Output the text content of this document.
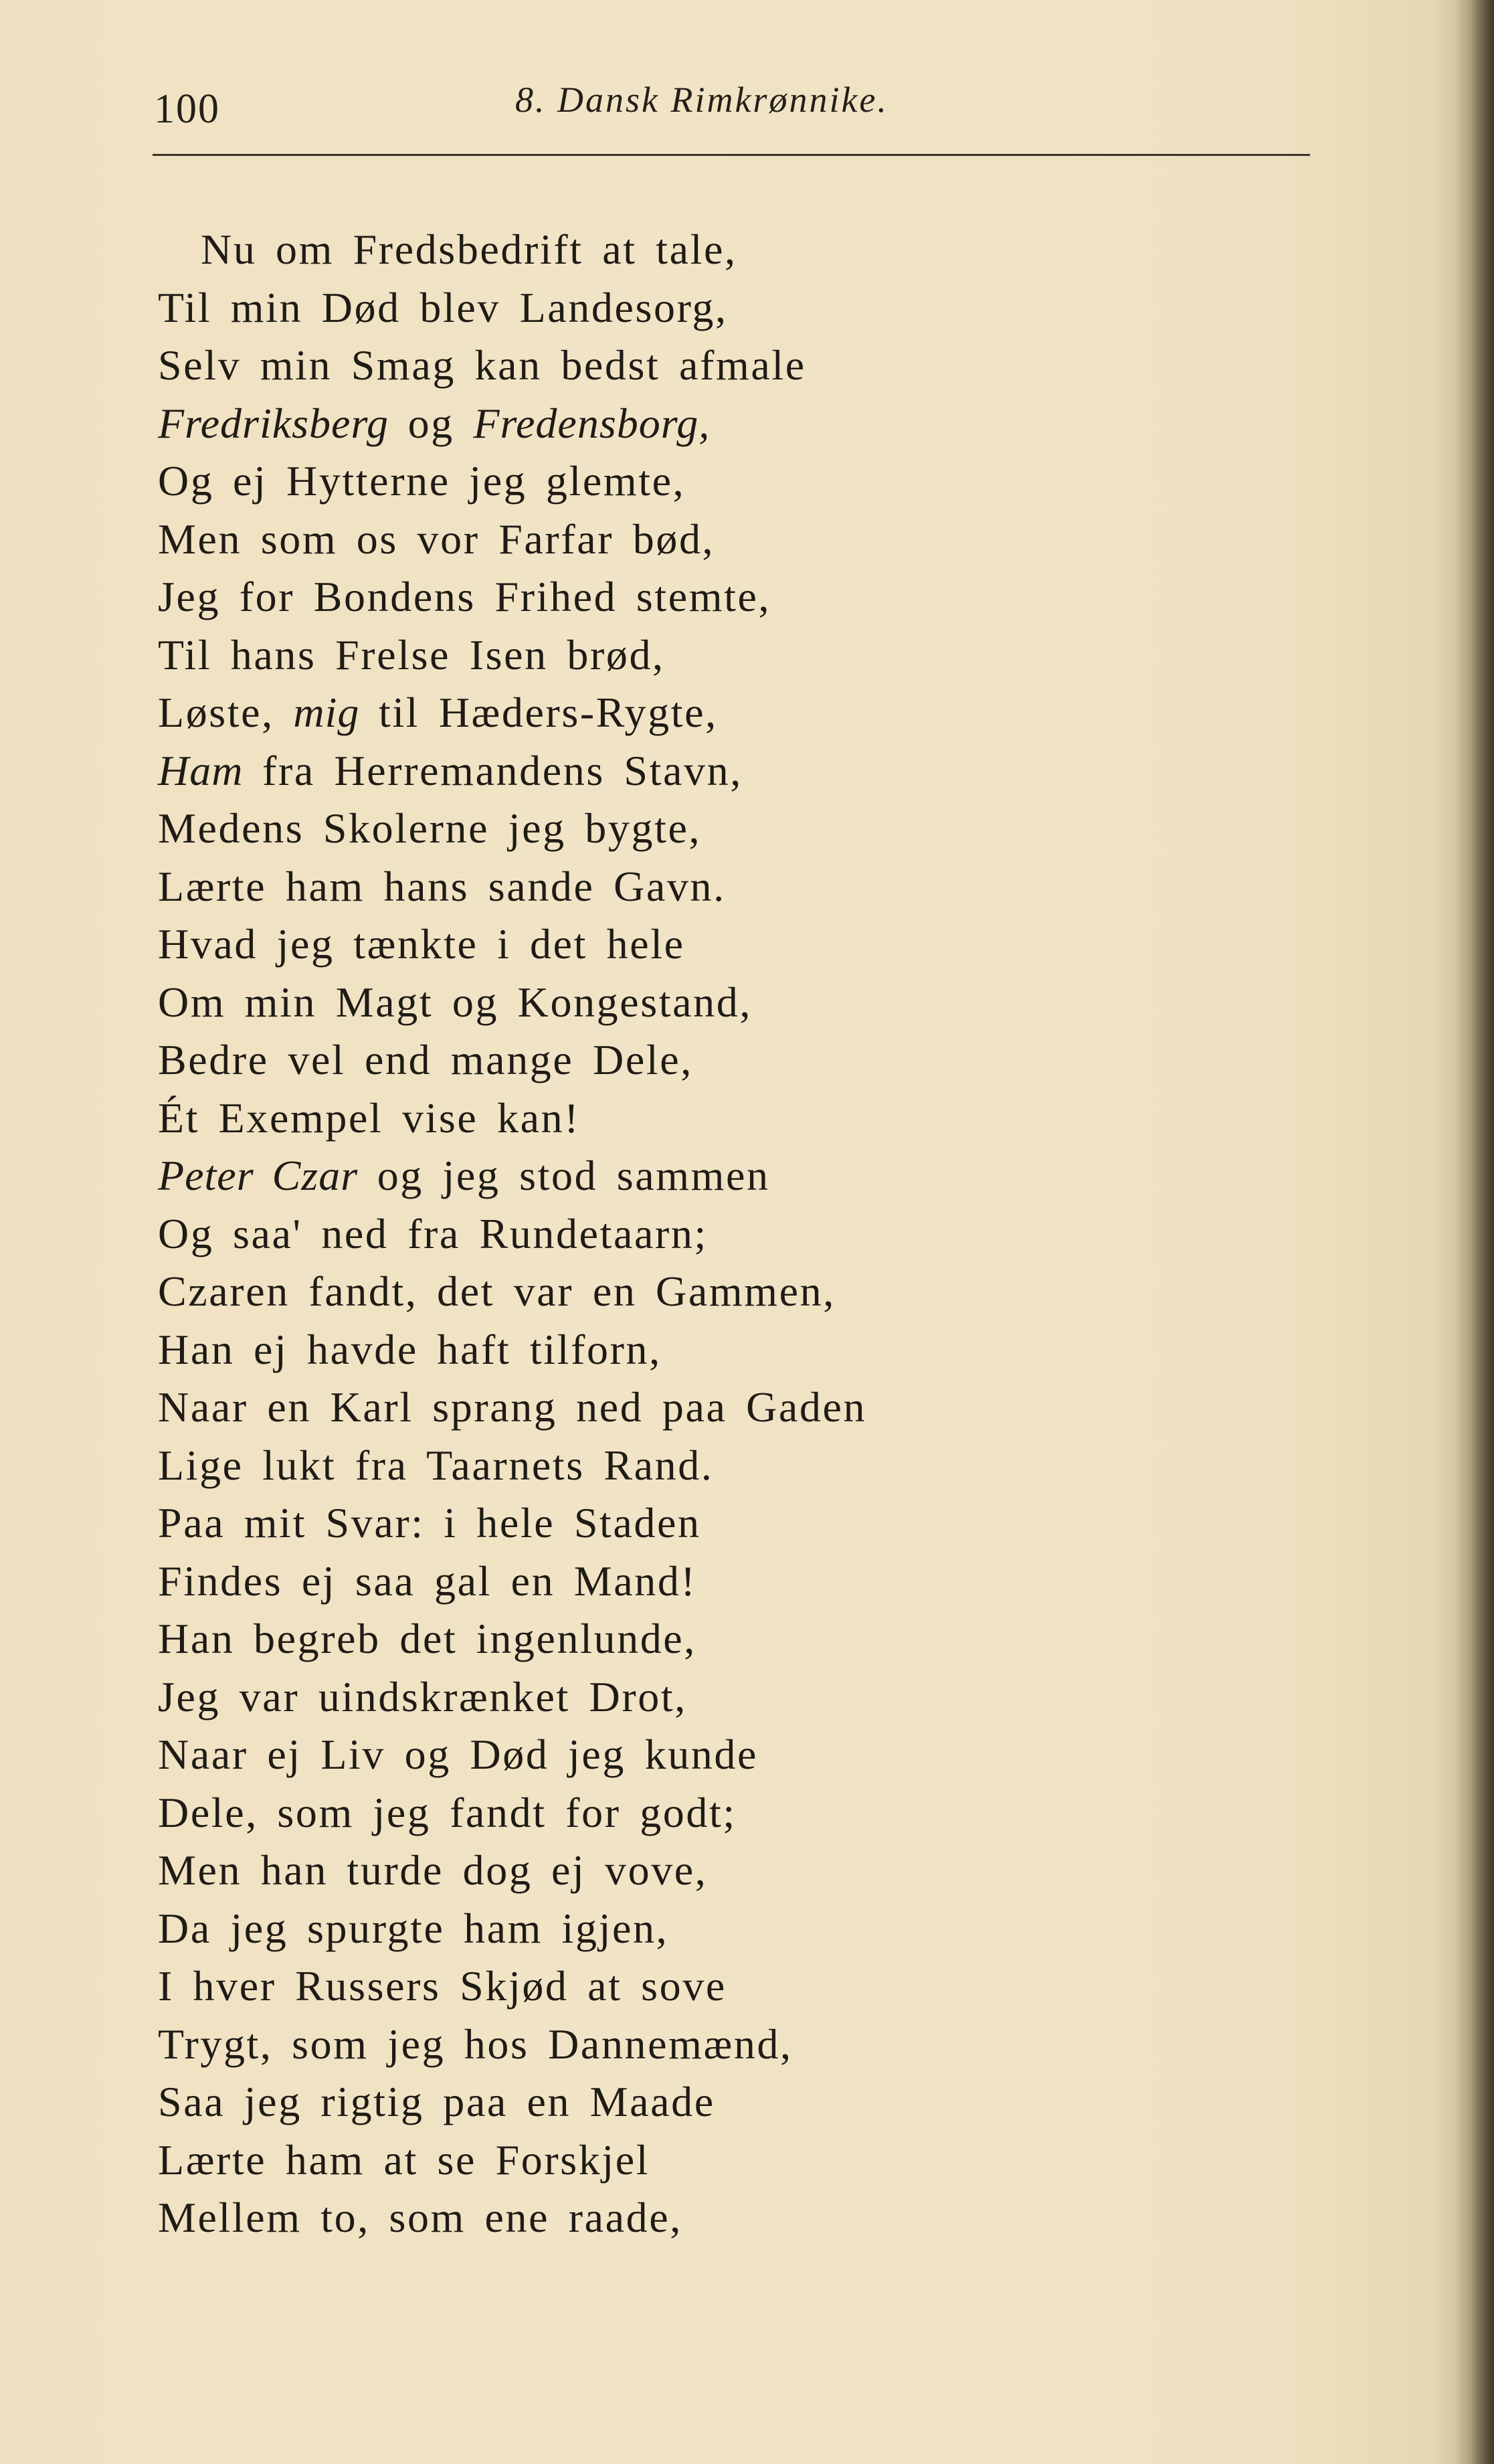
100	8. Dansk Rimkrønnike.
Nu om Fredsbedrift at tale,
Til min Død blev Landesorg,
Selv min Smag kan bedst afmale
Fredriksberg og Fredensborg,
Og ej Hytterne jeg glemte,
Men som os vor Farfar bød,
Jeg for Bondens Frihed stemte,
Til hans Frelse Isen brød,
Løste, mig til Hæders-Rygte,
Ham fra Herremandens Stavn,
Medens Skolerne jeg bygte,
Lærte ham hans sande Gavn.
Hvad jeg tænkte i det hele
Om min Magt og Kongestand,
Bedre vel end mange Dele,
Ét Exempel vise kan!
Peter Czar og jeg stod sammen
Og saa' ned fra Rundetaarn;
Czaren fandt, det var en Gammen,
Han ej havde haft tilforn,
Naar en Karl sprang ned paa Gaden
Lige lukt fra Taarnets Rand.
Paa mit Svar: i hele Staden
Findes ej saa gal en Mand!
Han begreb det ingenlunde,
Jeg var uindskrænket Drot,
Naar ej Liv og Død jeg kunde
Dele, som jeg fandt for godt;
Men han turde dog ej vove,
Da jeg spurgte ham igjen,
I hver Russers Skjød at sove
Trygt, som jeg hos Dannemænd,
Saa jeg rigtig paa en Maade
Lærte ham at se Forskjel
Mellem to, som ene raade,
